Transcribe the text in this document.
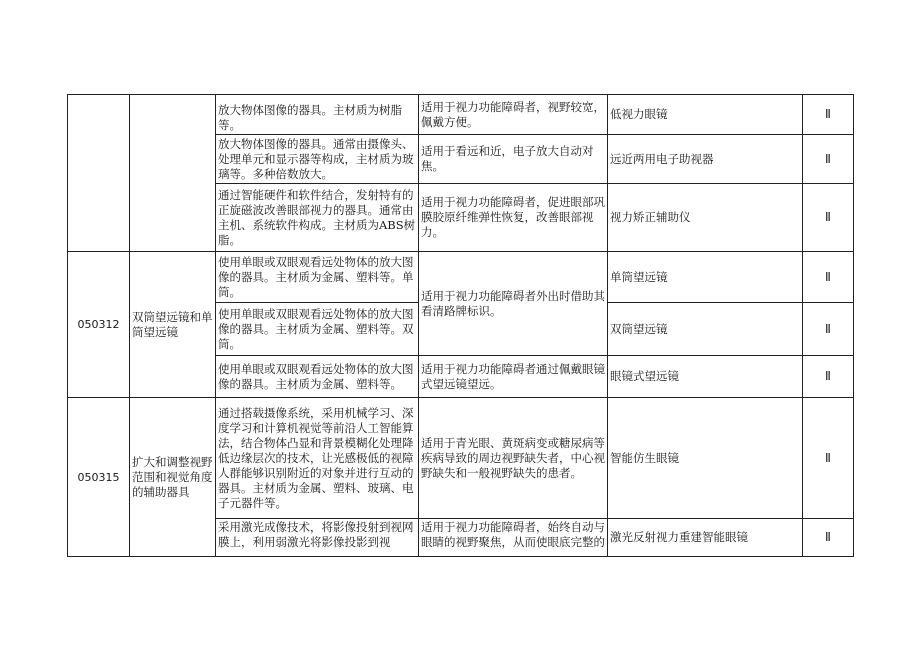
		放大物体图像的器具。主材质为树脂等。	适用于视力功能障碍者，视野较宽，佩戴方便。	低视力眼镜	Ⅱ
		放大物体图像的器具。通常由摄像头、处理单元和显示器等构成，主材质为玻璃等。多种倍数放大。	适用于看远和近，电子放大自动对焦。	远近两用电子助视器	Ⅱ
		通过智能硬件和软件结合，发射特有的正旋磁波改善眼部视力的器具。通常由主机、系统软件构成。主材质为ABS树脂。	适用于视力功能障碍者，促进眼部巩膜胶原纤维弹性恢复，改善眼部视力。	视力矫正辅助仪	Ⅱ
050312	双筒望远镜和单筒望远镜	使用单眼或双眼观看远处物体的放大图像的器具。主材质为金属、塑料等。单筒。	适用于视力功能障碍者外出时借助其看清路牌标识。	单筒望远镜	Ⅱ
		使用单眼或双眼观看远处物体的放大图像的器具。主材质为金属、塑料等。双筒。		双筒望远镜	Ⅱ
		使用单眼或双眼观看远处物体的放大图像的器具。主材质为金属、塑料等。	适用于视力功能障碍者通过佩戴眼镜式望远镜望远。	眼镜式望远镜	Ⅱ
050315	扩大和调整视野范围和视觉角度的辅助器具	通过搭载摄像系统，采用机械学习、深度学习和计算机视觉等前沿人工智能算法，结合物体凸显和背景模糊化处理降低边缘层次的技术，让光感极低的视障人群能够识别附近的对象并进行互动的器具。主材质为金属、塑料、玻璃、电子元器件等。	适用于青光眼、黄斑病变或糖尿病等疾病导致的周边视野缺失者，中心视野缺失和一般视野缺失的患者。	智能仿生眼镜	Ⅱ
		采用激光成像技术，将影像投射到视网膜上，利用弱激光将影像投影到视	适用于视力功能障碍者，始终自动与眼睛的视野聚焦，从而使眼底完整的	激光反射视力重建智能眼镜	Ⅱ
